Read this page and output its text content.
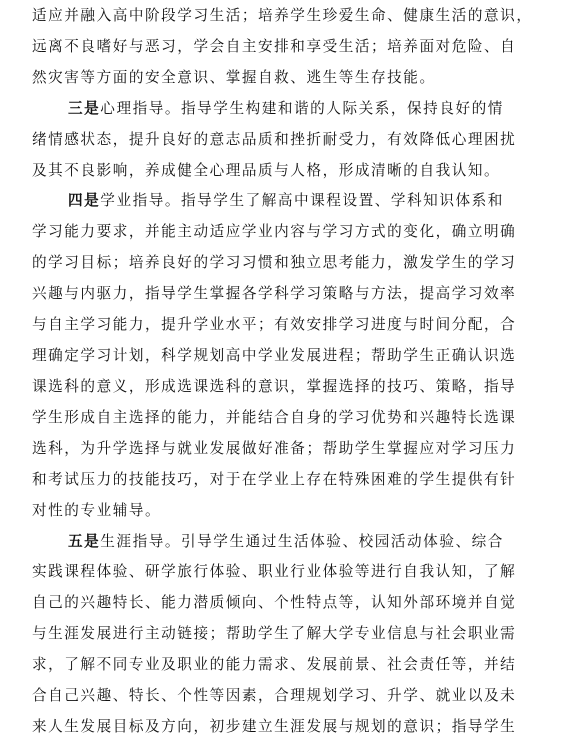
适应并融入高中阶段学习生活；培养学生珍爱生命、健康生活的意识，
远离不良嗜好与恶习，学会自主安排和享受生活；培养面对危险、自
然灾害等方面的安全意识、掌握自救、逃生等生存技能。
三是心理指导。指导学生构建和谐的人际关系，保持良好的情
绪情感状态，提升良好的意志品质和挫折耐受力，有效降低心理困扰
及其不良影响，养成健全心理品质与人格，形成清晰的自我认知。
四是学业指导。指导学生了解高中课程设置、学科知识体系和
学习能力要求，并能主动适应学业内容与学习方式的变化，确立明确
的学习目标；培养良好的学习习惯和独立思考能力，激发学生的学习
兴趣与内驱力，指导学生掌握各学科学习策略与方法，提高学习效率
与自主学习能力，提升学业水平；有效安排学习进度与时间分配，合
理确定学习计划，科学规划高中学业发展进程；帮助学生正确认识选
课选科的意义，形成选课选科的意识，掌握选择的技巧、策略，指导
学生形成自主选择的能力，并能结合自身的学习优势和兴趣特长选课
选科，为升学选择与就业发展做好准备；帮助学生掌握应对学习压力
和考试压力的技能技巧，对于在学业上存在特殊困难的学生提供有针
对性的专业辅导。
五是生涯指导。引导学生通过生活体验、校园活动体验、综合
实践课程体验、研学旅行体验、职业行业体验等进行自我认知，了解
自己的兴趣特长、能力潜质倾向、个性特点等，认知外部环境并自觉
与生涯发展进行主动链接；帮助学生了解大学专业信息与社会职业需
求，了解不同专业及职业的能力需求、发展前景、社会责任等，并结
合自己兴趣、特长、个性等因素，合理规划学习、升学、就业以及未
来人生发展目标及方向，初步建立生涯发展与规划的意识；指导学生
